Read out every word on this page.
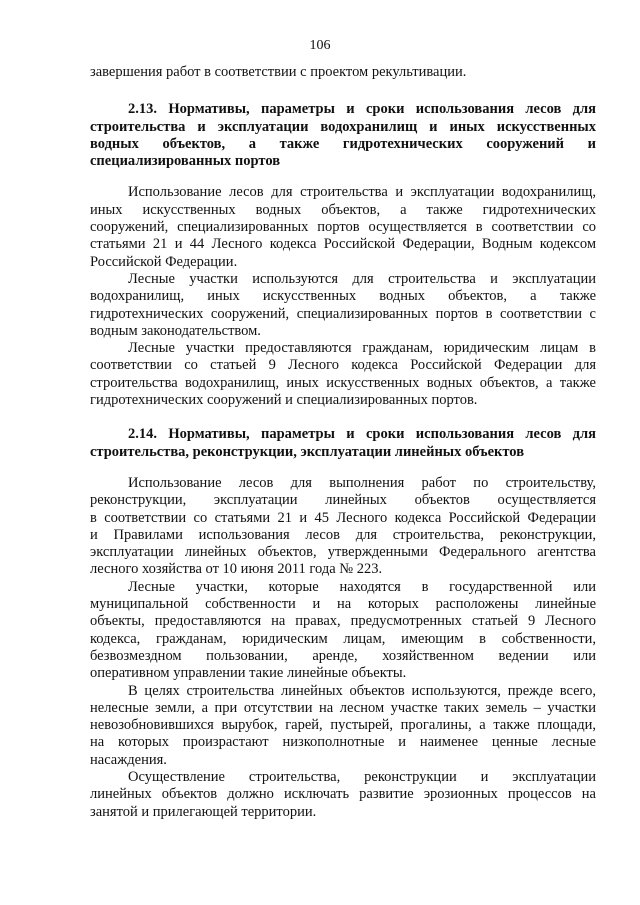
106
завершения работ в соответствии с проектом рекультивации.
2.13. Нормативы, параметры и сроки использования лесов для
строительства и эксплуатации водохранилищ и иных искусственных
водных объектов, а также гидротехнических сооружений и
специализированных портов
Использование лесов для строительства и эксплуатации водохранилищ,
иных искусственных водных объектов, а также гидротехнических
сооружений, специализированных портов осуществляется в соответствии со
статьями 21 и 44 Лесного кодекса Российской Федерации, Водным кодексом
Российской Федерации.
Лесные участки используются для строительства и эксплуатации
водохранилищ, иных искусственных водных объектов, а также
гидротехнических сооружений, специализированных портов в соответствии с
водным законодательством.
Лесные участки предоставляются гражданам, юридическим лицам в
соответствии со статьей 9 Лесного кодекса Российской Федерации для
строительства водохранилищ, иных искусственных водных объектов, а также
гидротехнических сооружений и специализированных портов.
2.14. Нормативы, параметры и сроки использования лесов для
строительства, реконструкции, эксплуатации линейных объектов
Использование лесов для выполнения работ по строительству,
реконструкции, эксплуатации линейных объектов осуществляется
в соответствии со статьями 21 и 45 Лесного кодекса Российской Федерации
и Правилами использования лесов для строительства, реконструкции,
эксплуатации линейных объектов, утвержденными Федерального агентства
лесного хозяйства от 10 июня 2011 года № 223.
Лесные участки, которые находятся в государственной или
муниципальной собственности и на которых расположены линейные
объекты, предоставляются на правах, предусмотренных статьей 9 Лесного
кодекса, гражданам, юридическим лицам, имеющим в собственности,
безвозмездном пользовании, аренде, хозяйственном ведении или
оперативном управлении такие линейные объекты.
В целях строительства линейных объектов используются, прежде всего,
нелесные земли, а при отсутствии на лесном участке таких земель – участки
невозобновившихся вырубок, гарей, пустырей, прогалины, а также площади,
на которых произрастают низкополнотные и наименее ценные лесные
насаждения.
Осуществление строительства, реконструкции и эксплуатации
линейных объектов должно исключать развитие эрозионных процессов на
занятой и прилегающей территории.
